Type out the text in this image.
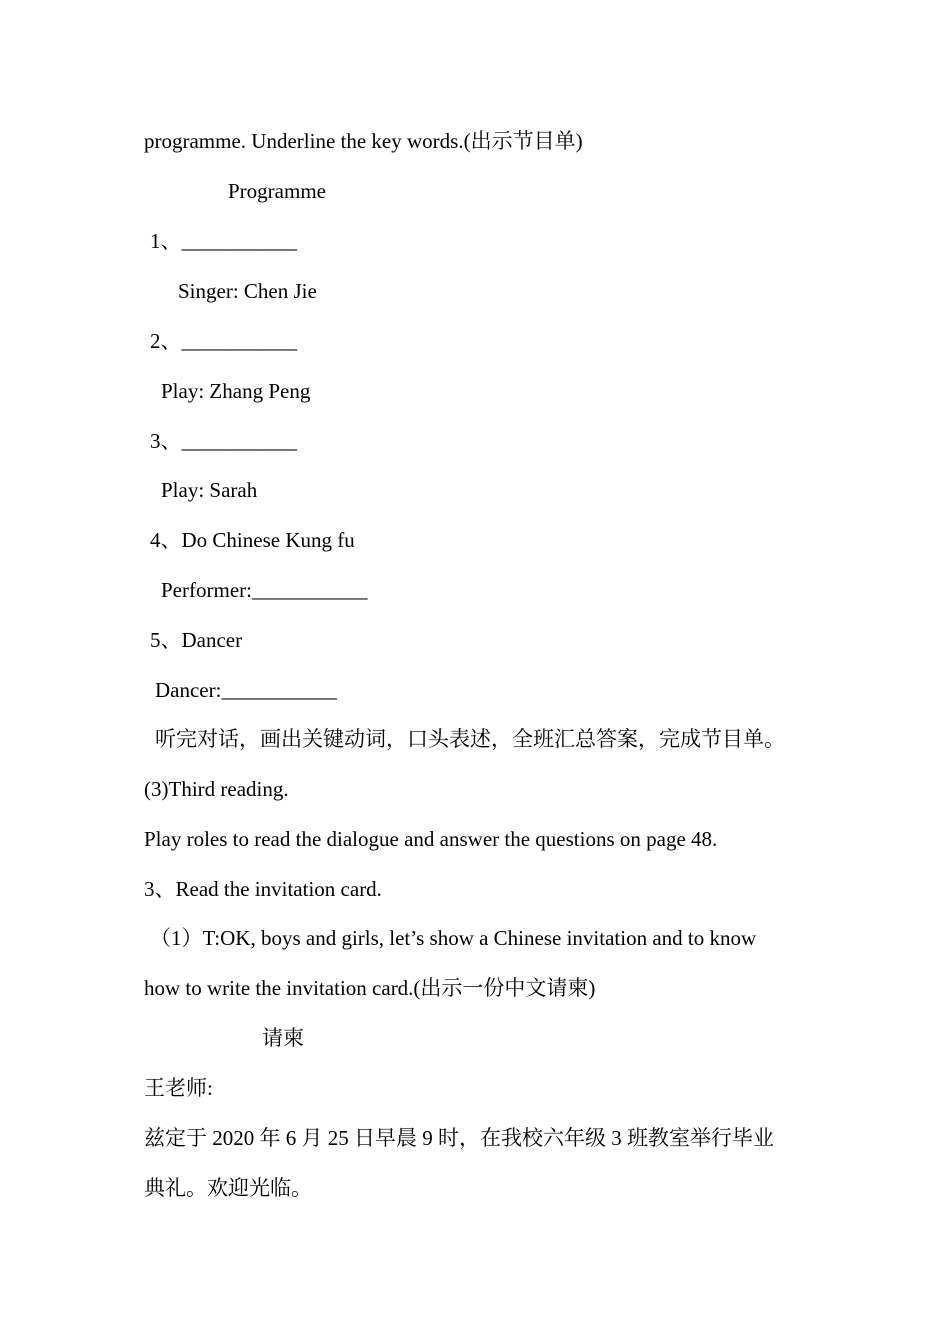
programme. Underline the key words.(出示节目单)
Programme
1、___________
Singer: Chen Jie
2、___________
Play: Zhang Peng
3、___________
Play: Sarah
4、Do Chinese Kung fu
Performer:___________
5、Dancer
Dancer:___________
听完对话，画出关键动词，口头表述，全班汇总答案，完成节目单。
(3)Third reading.
Play roles to read the dialogue and answer the questions on page 48.
3、Read the invitation card.
（1）T:OK, boys and girls, let’s show a Chinese invitation and to know
how to write the invitation card.(出示一份中文请柬)
请柬
王老师:
兹定于 2020 年 6 月 25 日早晨 9 时，在我校六年级 3 班教室举行毕业
典礼。欢迎光临。
